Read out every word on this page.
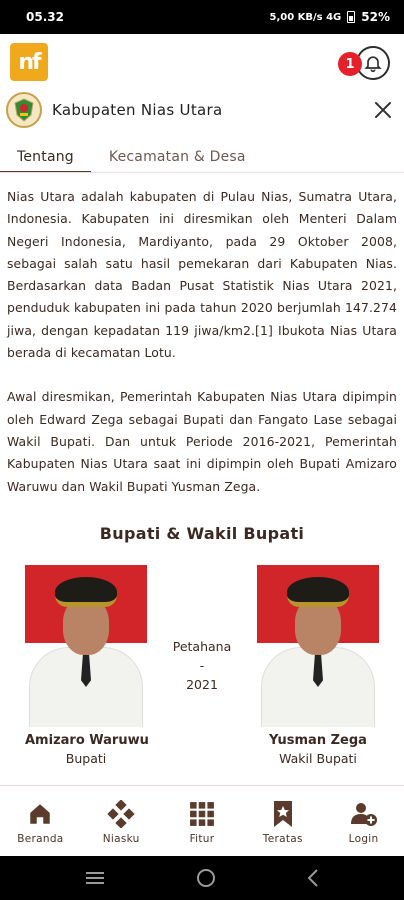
05.32	5,00 KB/s 4G 52%
nf	1
Kabupaten Nias Utara
Tentang	Kecamatan & Desa

Nias Utara adalah kabupaten di Pulau Nias, Sumatra Utara, Indonesia. Kabupaten ini diresmikan oleh Menteri Dalam Negeri Indonesia, Mardiyanto, pada 29 Oktober 2008, sebagai salah satu hasil pemekaran dari Kabupaten Nias. Berdasarkan data Badan Pusat Statistik Nias Utara 2021, penduduk kabupaten ini pada tahun 2020 berjumlah 147.274 jiwa, dengan kepadatan 119 jiwa/km2.[1] Ibukota Nias Utara berada di kecamatan Lotu.

Awal diresmikan, Pemerintah Kabupaten Nias Utara dipimpin oleh Edward Zega sebagai Bupati dan Fangato Lase sebagai Wakil Bupati. Dan untuk Periode 2016-2021, Pemerintah Kabupaten Nias Utara saat ini dipimpin oleh Bupati Amizaro Waruwu dan Wakil Bupati Yusman Zega.

Bupati & Wakil Bupati
Amizaro Waruwu
Bupati
Petahana
-
2021
Yusman Zega
Wakil Bupati
Beranda	Niasku	Fitur	Teratas	Login
